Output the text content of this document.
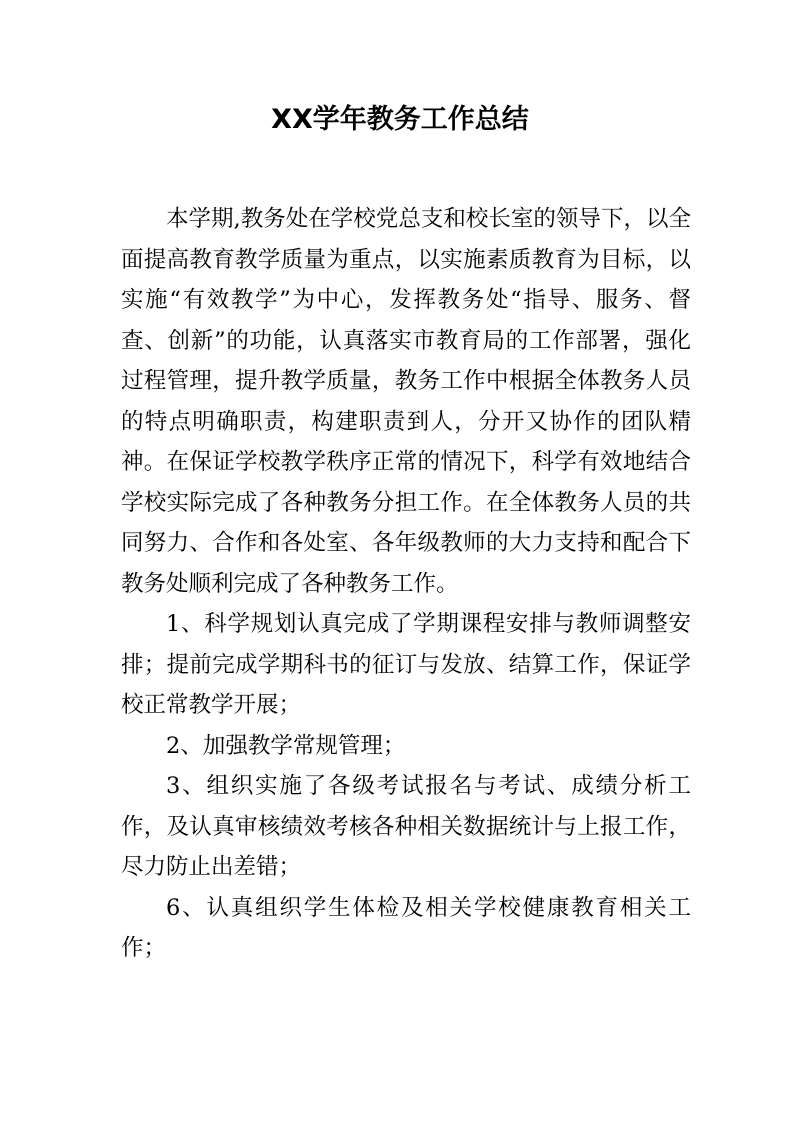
XX学年教务工作总结

本学期,教务处在学校党总支和校长室的领导下，以全面提高教育教学质量为重点，以实施素质教育为目标，以实施“有效教学”为中心，发挥教务处“指导、服务、督查、创新”的功能，认真落实市教育局的工作部署，强化过程管理，提升教学质量，教务工作中根据全体教务人员的特点明确职责，构建职责到人，分开又协作的团队精神。在保证学校教学秩序正常的情况下，科学有效地结合学校实际完成了各种教务分担工作。在全体教务人员的共同努力、合作和各处室、各年级教师的大力支持和配合下教务处顺利完成了各种教务工作。

1、科学规划认真完成了学期课程安排与教师调整安排；提前完成学期科书的征订与发放、结算工作，保证学校正常教学开展；

2、加强教学常规管理；

3、组织实施了各级考试报名与考试、成绩分析工作，及认真审核绩效考核各种相关数据统计与上报工作，尽力防止出差错；

6、认真组织学生体检及相关学校健康教育相关工作；
